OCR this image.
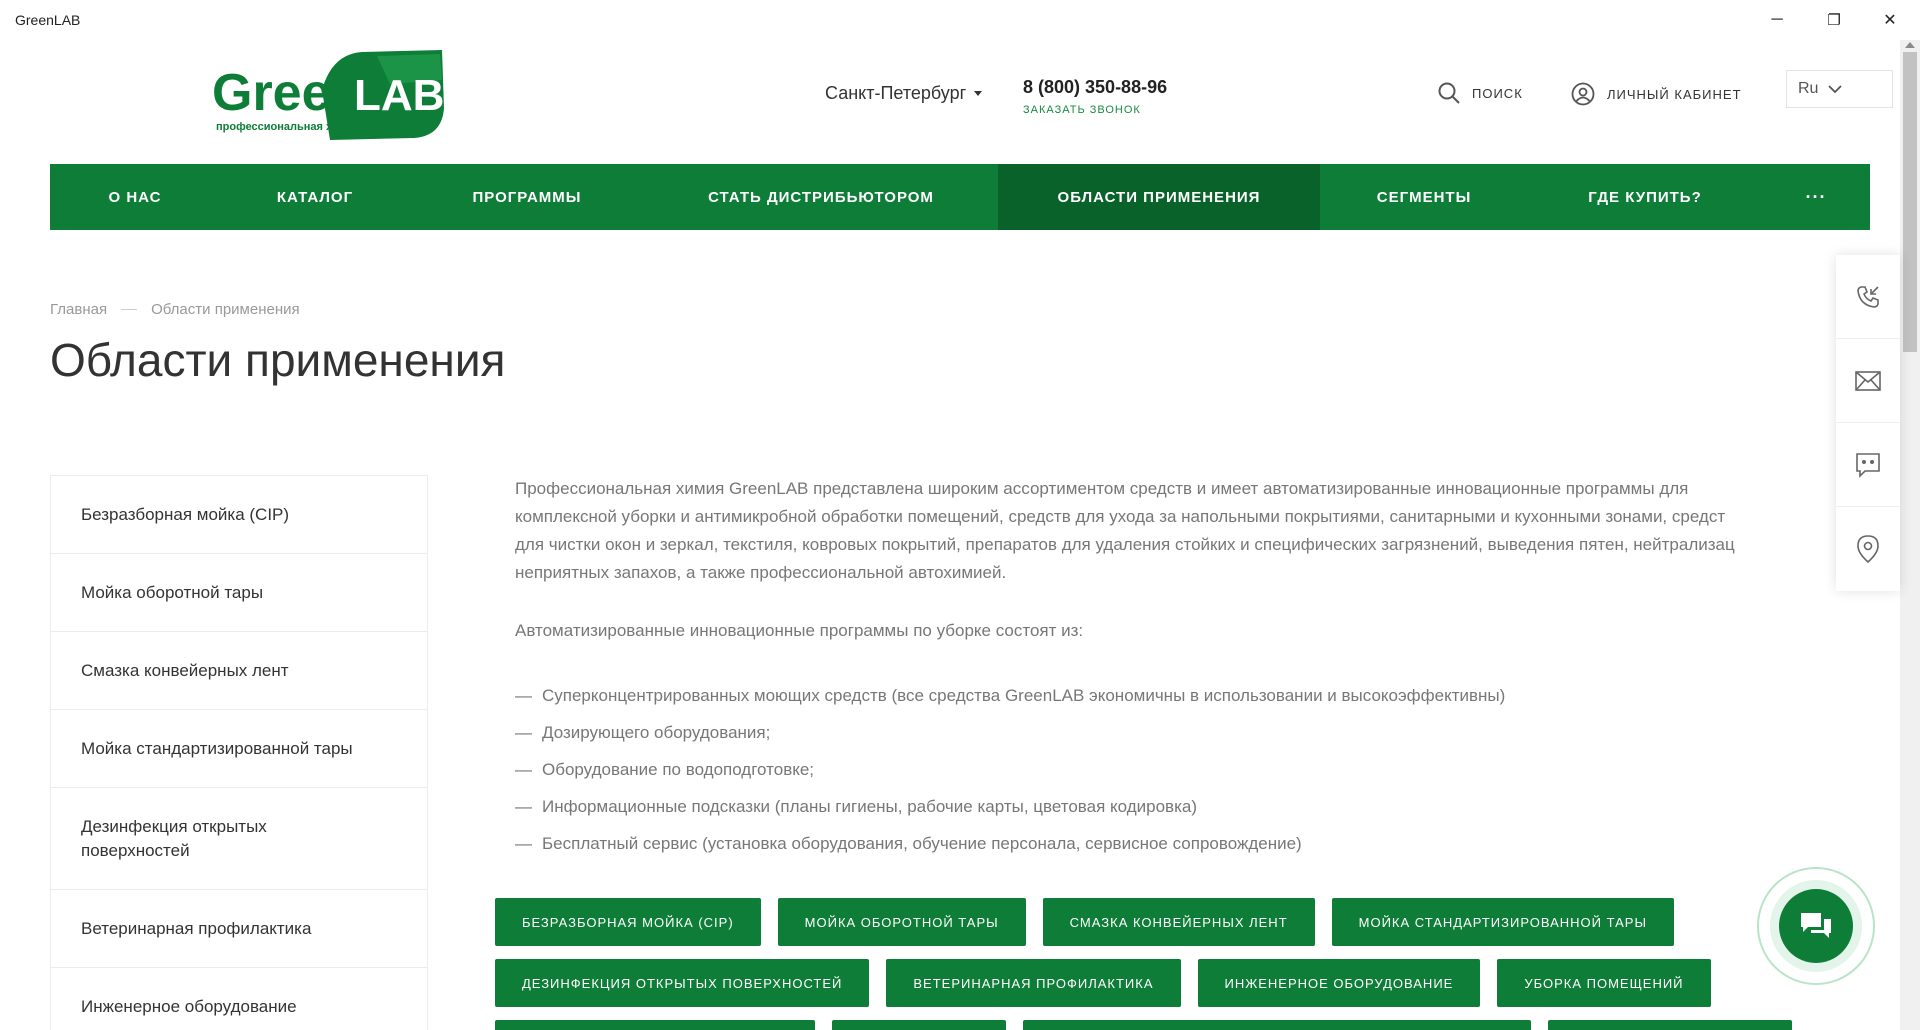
GreenLAB	─	❐	✕
Green
LAB
профессиональная химия
Санкт-Петербург	8 (800) 350-88-96
ЗАКАЗАТЬ ЗВОНОК
ПОИСК	ЛИЧНЫЙ КАБИНЕТ	Ru
О НАС	КАТАЛОГ	ПРОГРАММЫ	СТАТЬ ДИСТРИБЬЮТОРОМ	ОБЛАСТИ ПРИМЕНЕНИЯ	СЕГМЕНТЫ	ГДЕ КУПИТЬ?	···
Главная	Области применения
Области применения
Безразборная мойка (CIP)
Мойка оборотной тары
Смазка конвейерных лент
Мойка стандартизированной тары
Дезинфекция открытых поверхностей
Ветеринарная профилактика
Инженерное оборудование
Профессиональная химия GreenLAB представлена широким ассортиментом средств и имеет автоматизированные инновационные программы для
комплексной уборки и антимикробной обработки помещений, средств для ухода за напольными покрытиями, санитарными и кухонными зонами, средст
для чистки окон и зеркал, текстиля, ковровых покрытий, препаратов для удаления стойких и специфических загрязнений, выведения пятен, нейтрализац
неприятных запахов, а также профессиональной автохимией.

Автоматизированные инновационные программы по уборке состоят из:

— Суперконцентрированных моющих средств (все средства GreenLAB экономичны в использовании и высокоэффективны)
— Дозирующего оборудования;
— Оборудование по водоподготовке;
— Информационные подсказки (планы гигиены, рабочие карты, цветовая кодировка)
— Бесплатный сервис (установка оборудования, обучение персонала, сервисное сопровождение)
БЕЗРАЗБОРНАЯ МОЙКА (CIP)	МОЙКА ОБОРОТНОЙ ТАРЫ	СМАЗКА КОНВЕЙЕРНЫХ ЛЕНТ	МОЙКА СТАНДАРТИЗИРОВАННОЙ ТАРЫ
ДЕЗИНФЕКЦИЯ ОТКРЫТЫХ ПОВЕРХНОСТЕЙ	ВЕТЕРИНАРНАЯ ПРОФИЛАКТИКА	ИНЖЕНЕРНОЕ ОБОРУДОВАНИЕ	УБОРКА ПОМЕЩЕНИЙ
